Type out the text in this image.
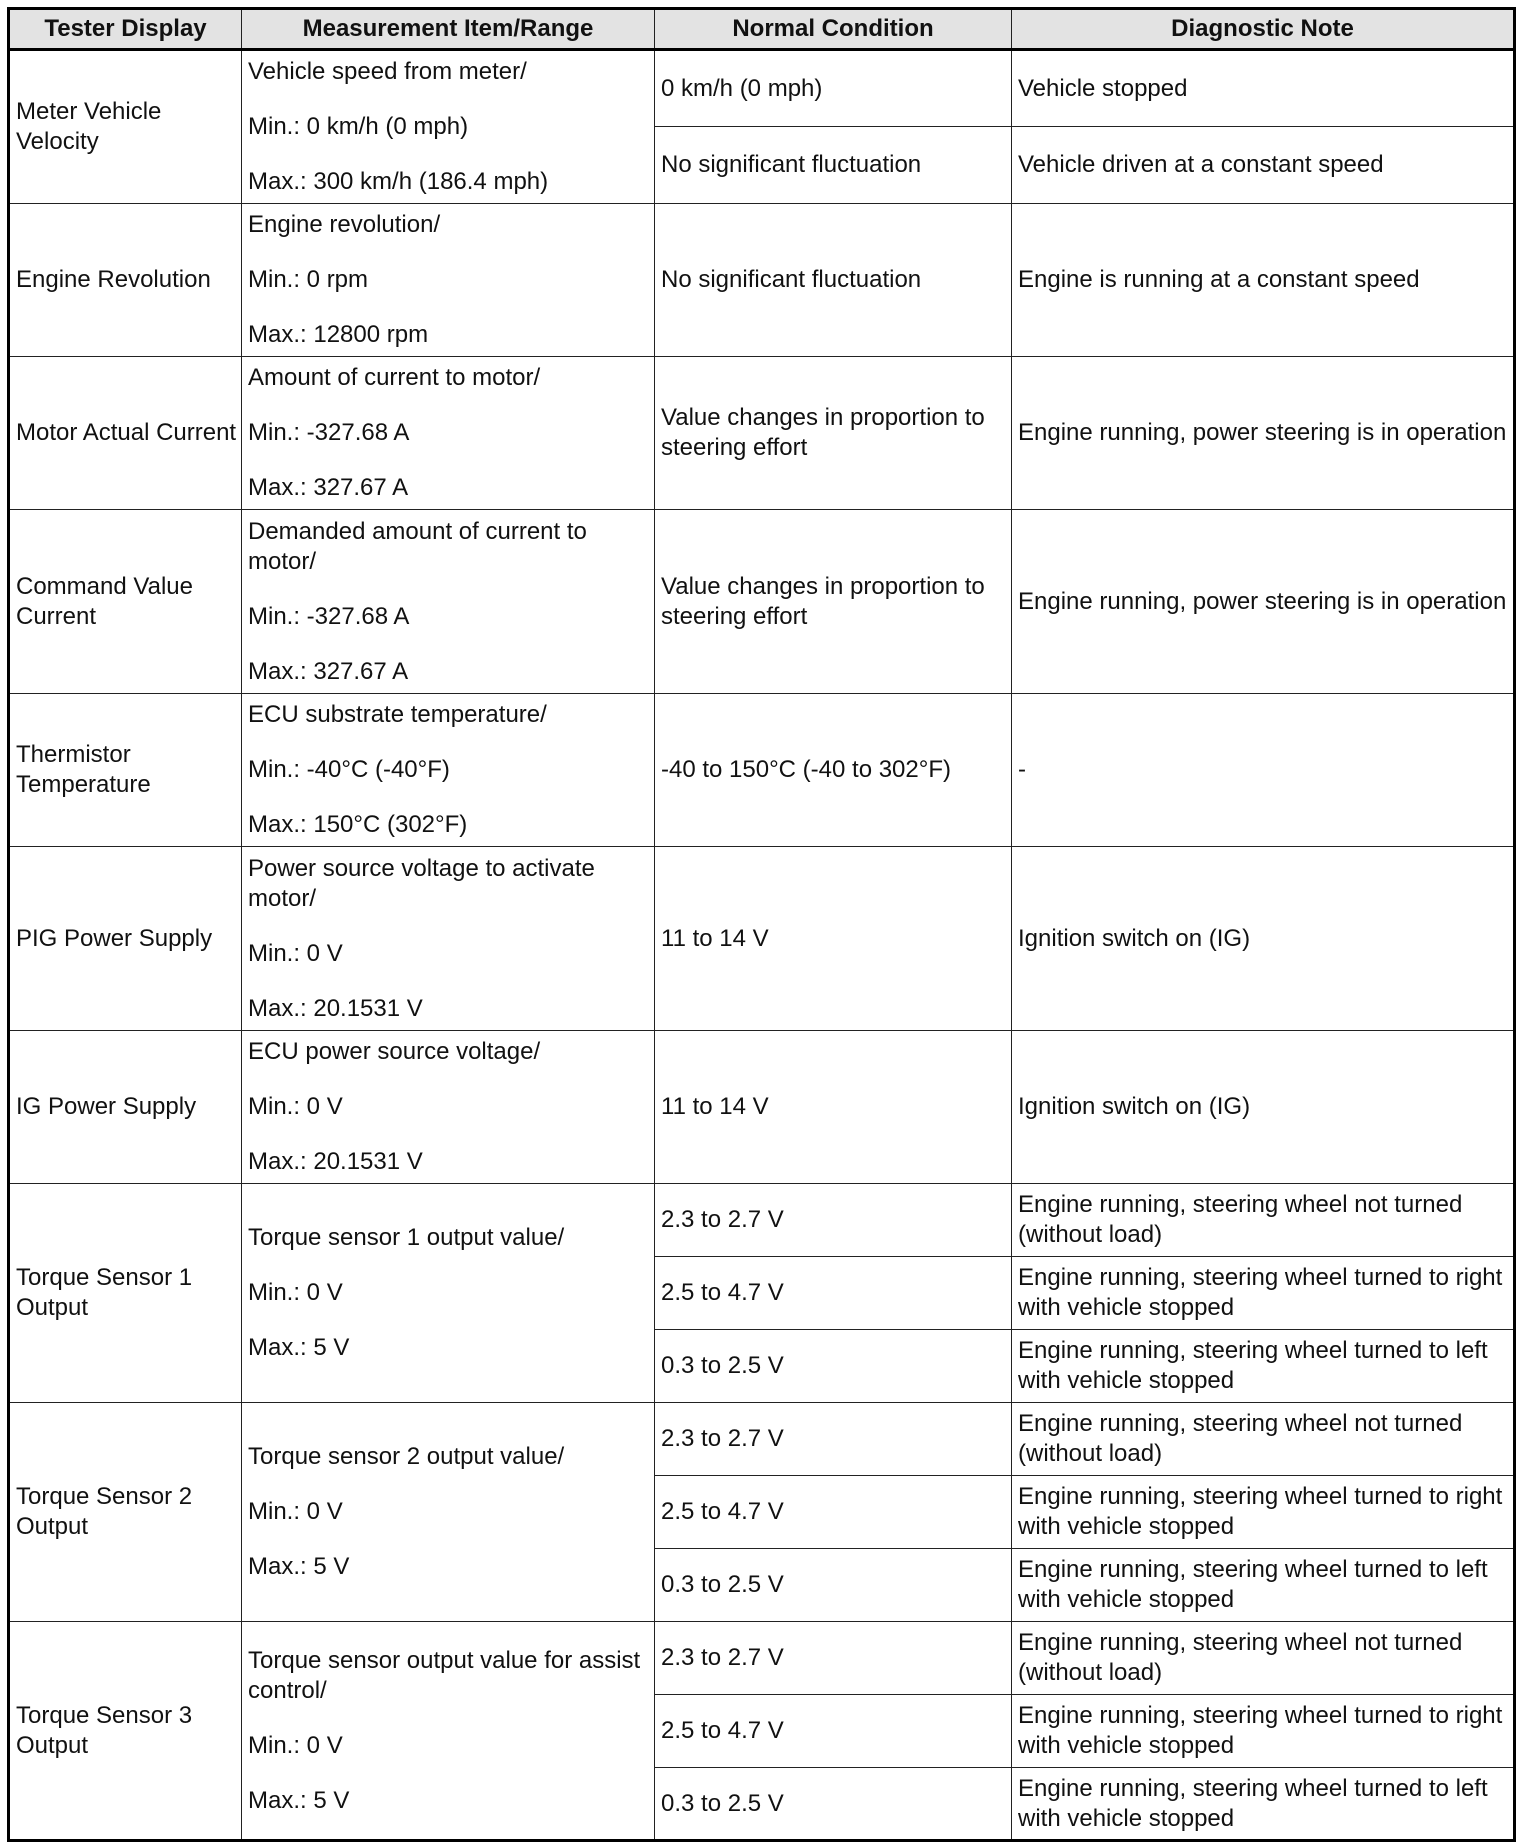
Tester Display	Measurement Item/Range	Normal Condition	Diagnostic Note
Meter Vehicle Velocity	Vehicle speed from meter/
Min.: 0 km/h (0 mph)
Max.: 300 km/h (186.4 mph)	0 km/h (0 mph)	Vehicle stopped
		No significant fluctuation	Vehicle driven at a constant speed
Engine Revolution	Engine revolution/
Min.: 0 rpm
Max.: 12800 rpm	No significant fluctuation	Engine is running at a constant speed
Motor Actual Current	Amount of current to motor/
Min.: -327.68 A
Max.: 327.67 A	Value changes in proportion to steering effort	Engine running, power steering is in operation
Command Value Current	Demanded amount of current to motor/
Min.: -327.68 A
Max.: 327.67 A	Value changes in proportion to steering effort	Engine running, power steering is in operation
Thermistor Temperature	ECU substrate temperature/
Min.: -40°C (-40°F)
Max.: 150°C (302°F)	-40 to 150°C (-40 to 302°F)	-
PIG Power Supply	Power source voltage to activate motor/
Min.: 0 V
Max.: 20.1531 V	11 to 14 V	Ignition switch on (IG)
IG Power Supply	ECU power source voltage/
Min.: 0 V
Max.: 20.1531 V	11 to 14 V	Ignition switch on (IG)
Torque Sensor 1 Output	Torque sensor 1 output value/
Min.: 0 V
Max.: 5 V	2.3 to 2.7 V	Engine running, steering wheel not turned (without load)
		2.5 to 4.7 V	Engine running, steering wheel turned to right with vehicle stopped
		0.3 to 2.5 V	Engine running, steering wheel turned to left with vehicle stopped
Torque Sensor 2 Output	Torque sensor 2 output value/
Min.: 0 V
Max.: 5 V	2.3 to 2.7 V	Engine running, steering wheel not turned (without load)
		2.5 to 4.7 V	Engine running, steering wheel turned to right with vehicle stopped
		0.3 to 2.5 V	Engine running, steering wheel turned to left with vehicle stopped
Torque Sensor 3 Output	Torque sensor output value for assist control/
Min.: 0 V
Max.: 5 V	2.3 to 2.7 V	Engine running, steering wheel not turned (without load)
		2.5 to 4.7 V	Engine running, steering wheel turned to right with vehicle stopped
		0.3 to 2.5 V	Engine running, steering wheel turned to left with vehicle stopped
